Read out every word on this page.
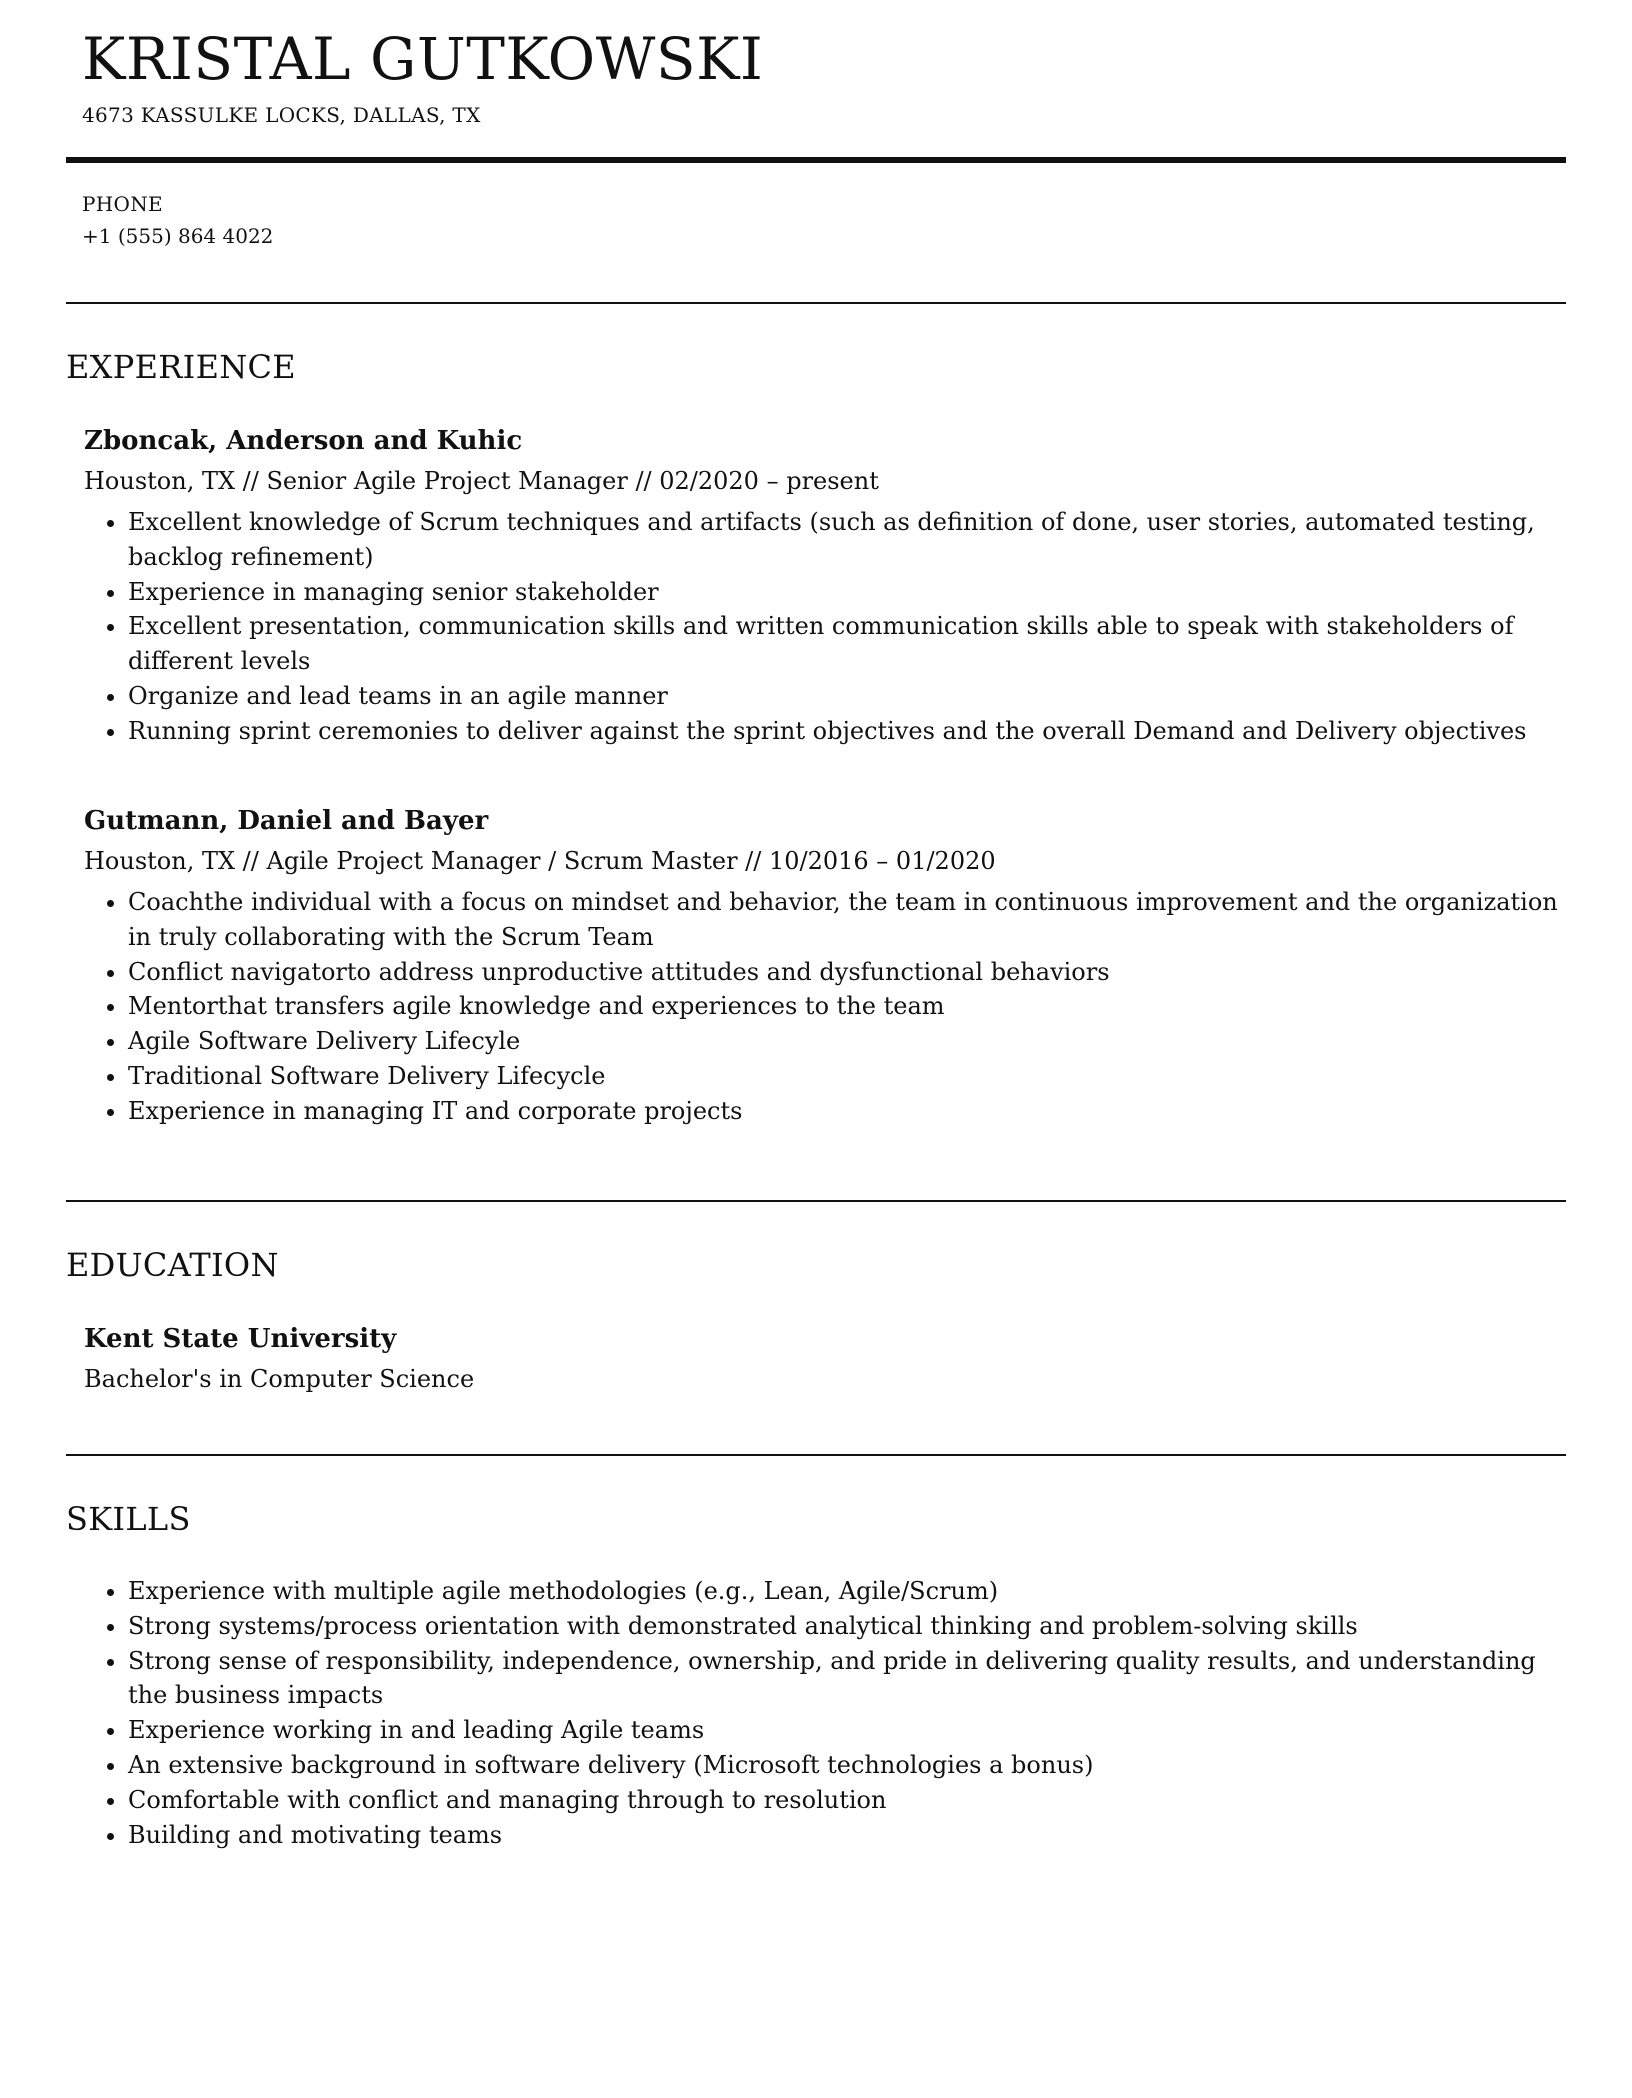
KRISTAL GUTKOWSKI
4673 KASSULKE LOCKS, DALLAS, TX
PHONE
+1 (555) 864 4022
EXPERIENCE
Zboncak, Anderson and Kuhic
Houston, TX // Senior Agile Project Manager // 02/2020 – present
• Excellent knowledge of Scrum techniques and artifacts (such as definition of done, user stories, automated testing, backlog refinement)
• Experience in managing senior stakeholder
• Excellent presentation, communication skills and written communication skills able to speak with stakeholders of different levels
• Organize and lead teams in an agile manner
• Running sprint ceremonies to deliver against the sprint objectives and the overall Demand and Delivery objectives
Gutmann, Daniel and Bayer
Houston, TX // Agile Project Manager / Scrum Master // 10/2016 – 01/2020
• Coachthe individual with a focus on mindset and behavior, the team in continuous improvement and the organization in truly collaborating with the Scrum Team
• Conflict navigatorto address unproductive attitudes and dysfunctional behaviors
• Mentorthat transfers agile knowledge and experiences to the team
• Agile Software Delivery Lifecyle
• Traditional Software Delivery Lifecycle
• Experience in managing IT and corporate projects
EDUCATION
Kent State University
Bachelor's in Computer Science
SKILLS
• Experience with multiple agile methodologies (e.g., Lean, Agile/Scrum)
• Strong systems/process orientation with demonstrated analytical thinking and problem-solving skills
• Strong sense of responsibility, independence, ownership, and pride in delivering quality results, and understanding the business impacts
• Experience working in and leading Agile teams
• An extensive background in software delivery (Microsoft technologies a bonus)
• Comfortable with conflict and managing through to resolution
• Building and motivating teams
